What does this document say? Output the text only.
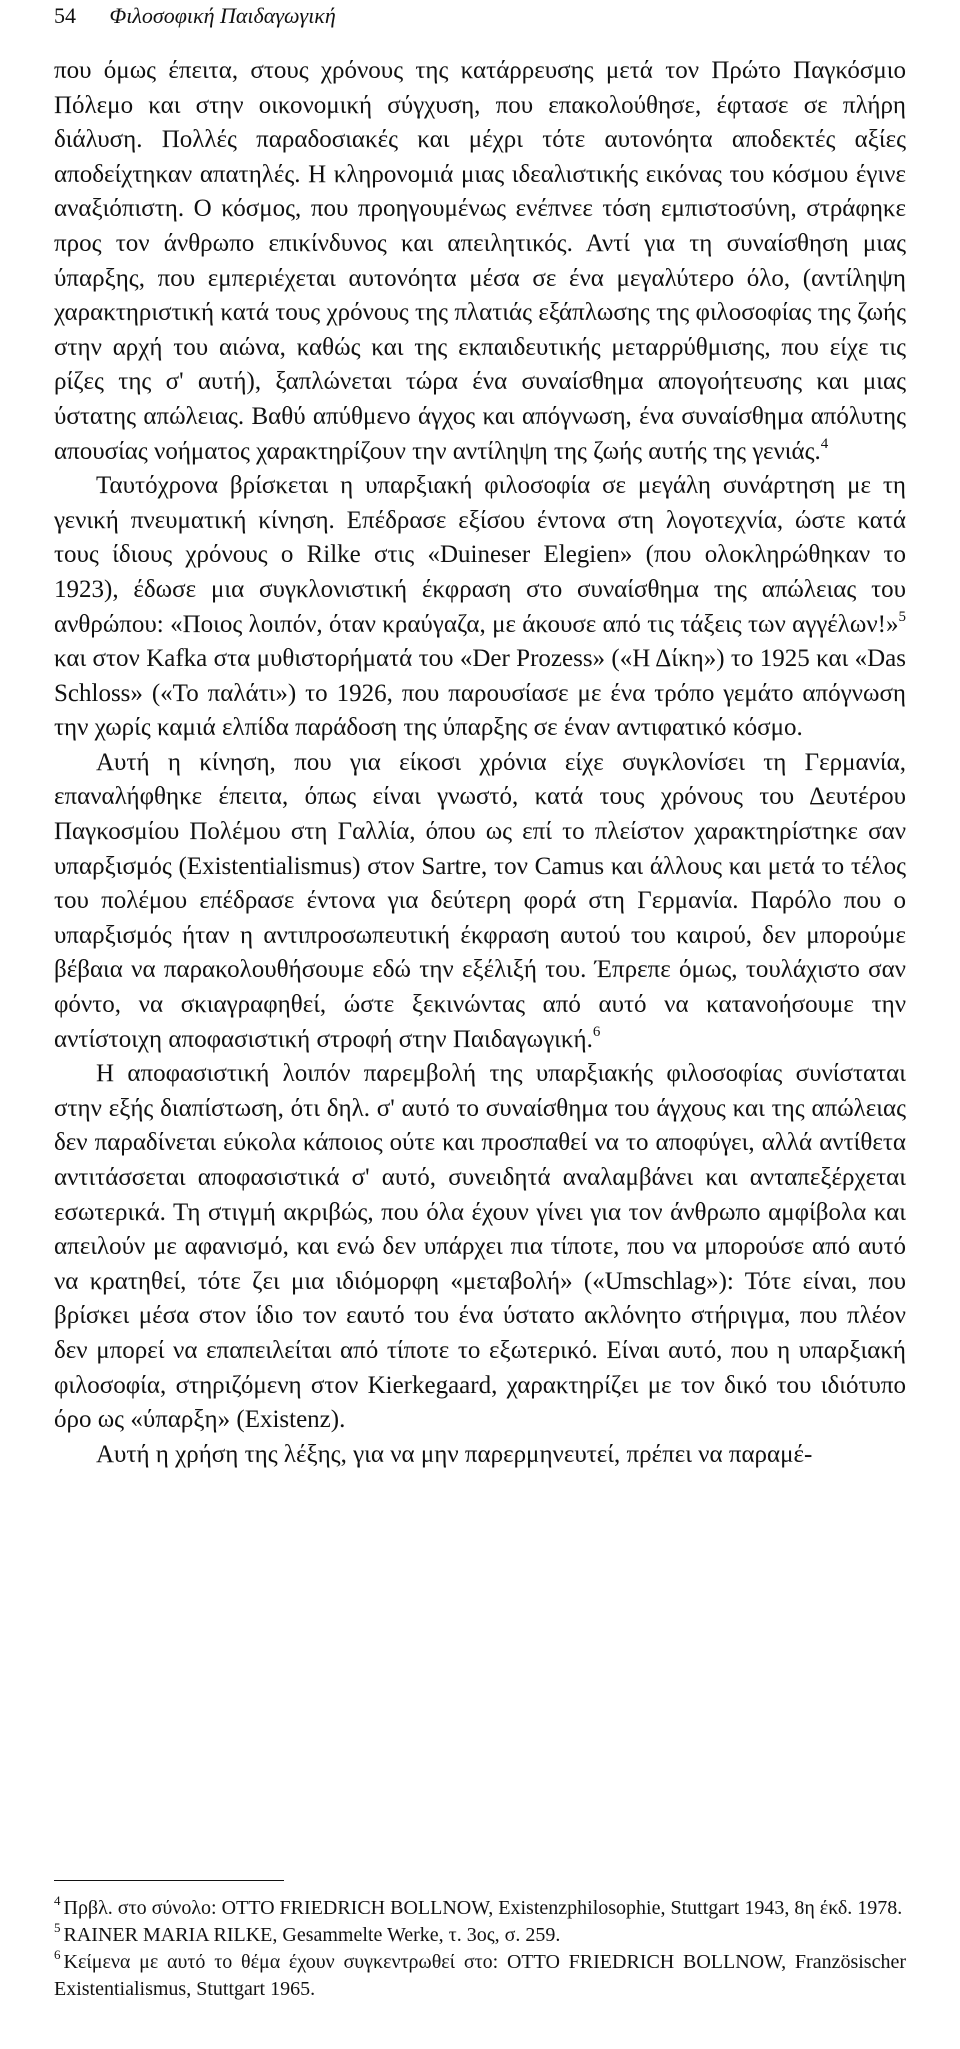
54 Φιλοσοφική Παιδαγωγική

που όμως έπειτα, στους χρόνους της κατάρρευσης μετά τον Πρώτο Παγκόσμιο Πόλεμο και στην οικονομική σύγχυση, που επακολούθησε, έφτασε σε πλήρη διάλυση. Πολλές παραδοσιακές και μέχρι τότε αυτονόητα αποδεκτές αξίες αποδείχτηκαν απατηλές. Η κληρονομιά μιας ιδεαλιστικής εικόνας του κόσμου έγινε αναξιόπιστη. Ο κόσμος, που προηγουμένως ενέπνεε τόση εμπιστοσύνη, στράφηκε προς τον άνθρωπο επικίνδυνος και απειλητικός. Αντί για τη συναίσθηση μιας ύπαρξης, που εμπεριέχεται αυτονόητα μέσα σε ένα μεγαλύτερο όλο, (αντίληψη χαρακτηριστική κατά τους χρόνους της πλατιάς εξάπλωσης της φιλοσοφίας της ζωής στην αρχή του αιώνα, καθώς και της εκπαιδευτικής μεταρρύθμισης, που είχε τις ρίζες της σ' αυτή), ξαπλώνεται τώρα ένα συναίσθημα απογοήτευσης και μιας ύστατης απώλειας. Βαθύ απύθμενο άγχος και απόγνωση, ένα συναίσθημα απόλυτης απουσίας νοήματος χαρακτηρίζουν την αντίληψη της ζωής αυτής της γενιάς.$^4$

Ταυτόχρονα βρίσκεται η υπαρξιακή φιλοσοφία σε μεγάλη συνάρτηση με τη γενική πνευματική κίνηση. Επέδρασε εξίσου έντονα στη λογοτεχνία, ώστε κατά τους ίδιους χρόνους ο Rilke στις «Duineser Elegien» (που ολοκληρώθηκαν το 1923), έδωσε μια συγκλονιστική έκφραση στο συναίσθημα της απώλειας του ανθρώπου: «Ποιος λοιπόν, όταν κραύγαζα, με άκουσε από τις τάξεις των αγγέλων!»$^5$ και στον Kafka στα μυθιστορήματά του «Der Prozess» («Η Δίκη») το 1925 και «Das Schloss» («Το παλάτι») το 1926, που παρουσίασε με ένα τρόπο γεμάτο απόγνωση την χωρίς καμιά ελπίδα παράδοση της ύπαρξης σε έναν αντιφατικό κόσμο.

Αυτή η κίνηση, που για είκοσι χρόνια είχε συγκλονίσει τη Γερμανία, επαναλήφθηκε έπειτα, όπως είναι γνωστό, κατά τους χρόνους του Δευτέρου Παγκοσμίου Πολέμου στη Γαλλία, όπου ως επί το πλείστον χαρακτηρίστηκε σαν υπαρξισμός (Existentialismus) στον Sartre, τον Camus και άλλους και μετά το τέλος του πολέμου επέδρασε έντονα για δεύτερη φορά στη Γερμανία. Παρόλο που ο υπαρξισμός ήταν η αντιπροσωπευτική έκφραση αυτού του καιρού, δεν μπορούμε βέβαια να παρακολουθήσουμε εδώ την εξέλιξή του. Έπρεπε όμως, τουλάχιστο σαν φόντο, να σκιαγραφηθεί, ώστε ξεκινώντας από αυτό να κατανοήσουμε την αντίστοιχη αποφασιστική στροφή στην Παιδαγωγική.$^6$

Η αποφασιστική λοιπόν παρεμβολή της υπαρξιακής φιλοσοφίας συνίσταται στην εξής διαπίστωση, ότι δηλ. σ' αυτό το συναίσθημα του άγχους και της απώλειας δεν παραδίνεται εύκολα κάποιος ούτε και προσπαθεί να το αποφύγει, αλλά αντίθετα αντιτάσσεται αποφασιστικά σ' αυτό, συνειδητά αναλαμβάνει και ανταπεξέρχεται εσωτερικά. Τη στιγμή ακριβώς, που όλα έχουν γίνει για τον άνθρωπο αμφίβολα και απειλούν με αφανισμό, και ενώ δεν υπάρχει πια τίποτε, που να μπορούσε από αυτό να κρατηθεί, τότε ζει μια ιδιόμορφη «μεταβολή» («Umschlag»): Τότε είναι, που βρίσκει μέσα στον ίδιο τον εαυτό του ένα ύστατο ακλόνητο στήριγμα, που πλέον δεν μπορεί να επαπειλείται από τίποτε το εξωτερικό. Είναι αυτό, που η υπαρξιακή φιλοσοφία, στηριζόμενη στον Kierkegaard, χαρακτηρίζει με τον δικό του ιδιότυπο όρο ως «ύπαρξη» (Existenz).

Αυτή η χρήση της λέξης, για να μην παρερμηνευτεί, πρέπει να παραμέ-

$^4$ Πρβλ. στο σύνολο: OTTO FRIEDRICH BOLLNOW, Existenzphilosophie, Stuttgart 1943, 8η έκδ. 1978.

$^5$ RAINER MARIA RILKE, Gesammelte Werke, τ. 3ος, σ. 259.

$^6$ Κείμενα με αυτό το θέμα έχουν συγκεντρωθεί στο: OTTO FRIEDRICH BOLLNOW, Französischer Existentialismus, Stuttgart 1965.
